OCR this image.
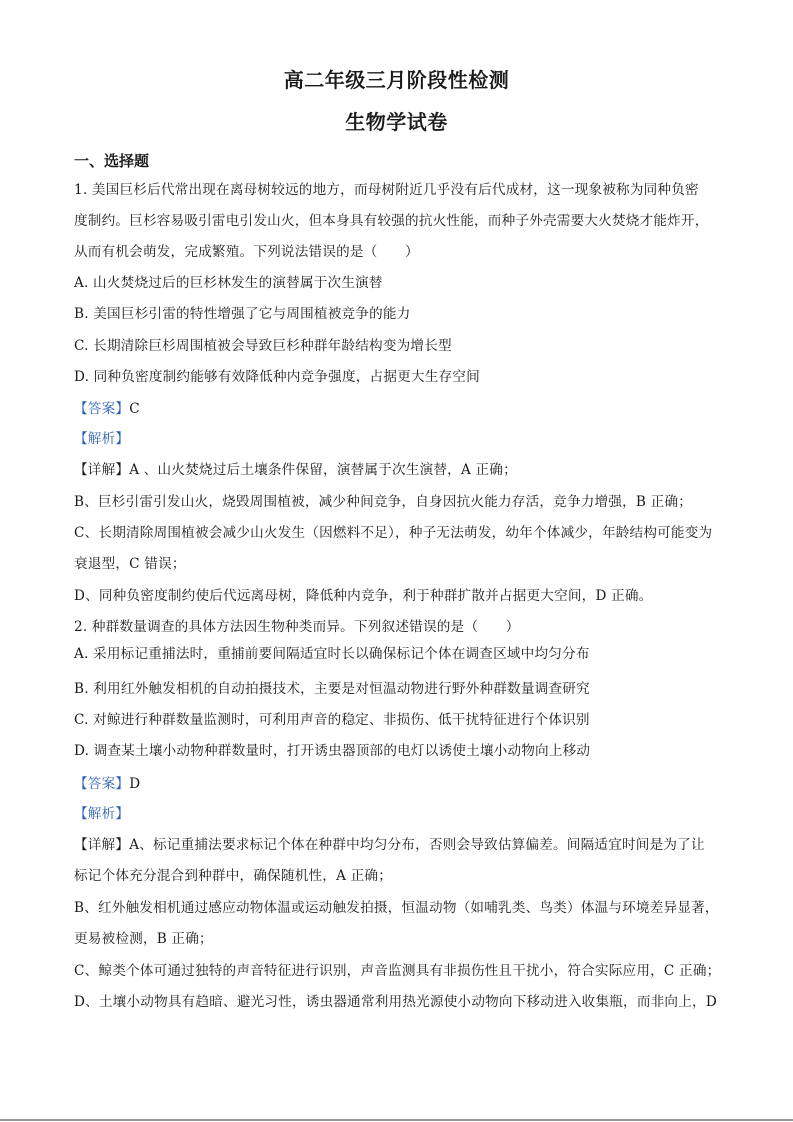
高二年级三月阶段性检测
生物学试卷
一、选择题
1. 美国巨杉后代常出现在离母树较远的地方，而母树附近几乎没有后代成材，这一现象被称为同种负密
度制约。巨杉容易吸引雷电引发山火，但本身具有较强的抗火性能，而种子外壳需要大火焚烧才能炸开，
从而有机会萌发，完成繁殖。下列说法错误的是（　　）
A. 山火焚烧过后的巨杉林发生的演替属于次生演替
B. 美国巨杉引雷的特性增强了它与周围植被竞争的能力
C. 长期清除巨杉周围植被会导致巨杉种群年龄结构变为增长型
D. 同种负密度制约能够有效降低种内竞争强度，占据更大生存空间
【答案】C
【解析】
【详解】A 、山火焚烧过后土壤条件保留，演替属于次生演替，A 正确；
B、巨杉引雷引发山火，烧毁周围植被，减少种间竞争，自身因抗火能力存活，竞争力增强，B 正确；
C、长期清除周围植被会减少山火发生（因燃料不足），种子无法萌发，幼年个体减少，年龄结构可能变为
衰退型，C 错误；
D、同种负密度制约使后代远离母树，降低种内竞争，利于种群扩散并占据更大空间，D 正确。
2. 种群数量调查的具体方法因生物种类而异。下列叙述错误的是（　　）
A. 采用标记重捕法时，重捕前要间隔适宜时长以确保标记个体在调查区域中均匀分布
B. 利用红外触发相机的自动拍摄技术，主要是对恒温动物进行野外种群数量调查研究
C. 对鲸进行种群数量监测时，可利用声音的稳定、非损伤、低干扰特征进行个体识别
D. 调查某土壤小动物种群数量时，打开诱虫器顶部的电灯以诱使土壤小动物向上移动
【答案】D
【解析】
【详解】A、标记重捕法要求标记个体在种群中均匀分布，否则会导致估算偏差。间隔适宜时间是为了让
标记个体充分混合到种群中，确保随机性，A 正确；
B、红外触发相机通过感应动物体温或运动触发拍摄，恒温动物（如哺乳类、鸟类）体温与环境差异显著，
更易被检测，B 正确；
C、鲸类个体可通过独特的声音特征进行识别，声音监测具有非损伤性且干扰小，符合实际应用，C 正确；
D、土壤小动物具有趋暗、避光习性，诱虫器通常利用热光源使小动物向下移动进入收集瓶，而非向上，D
